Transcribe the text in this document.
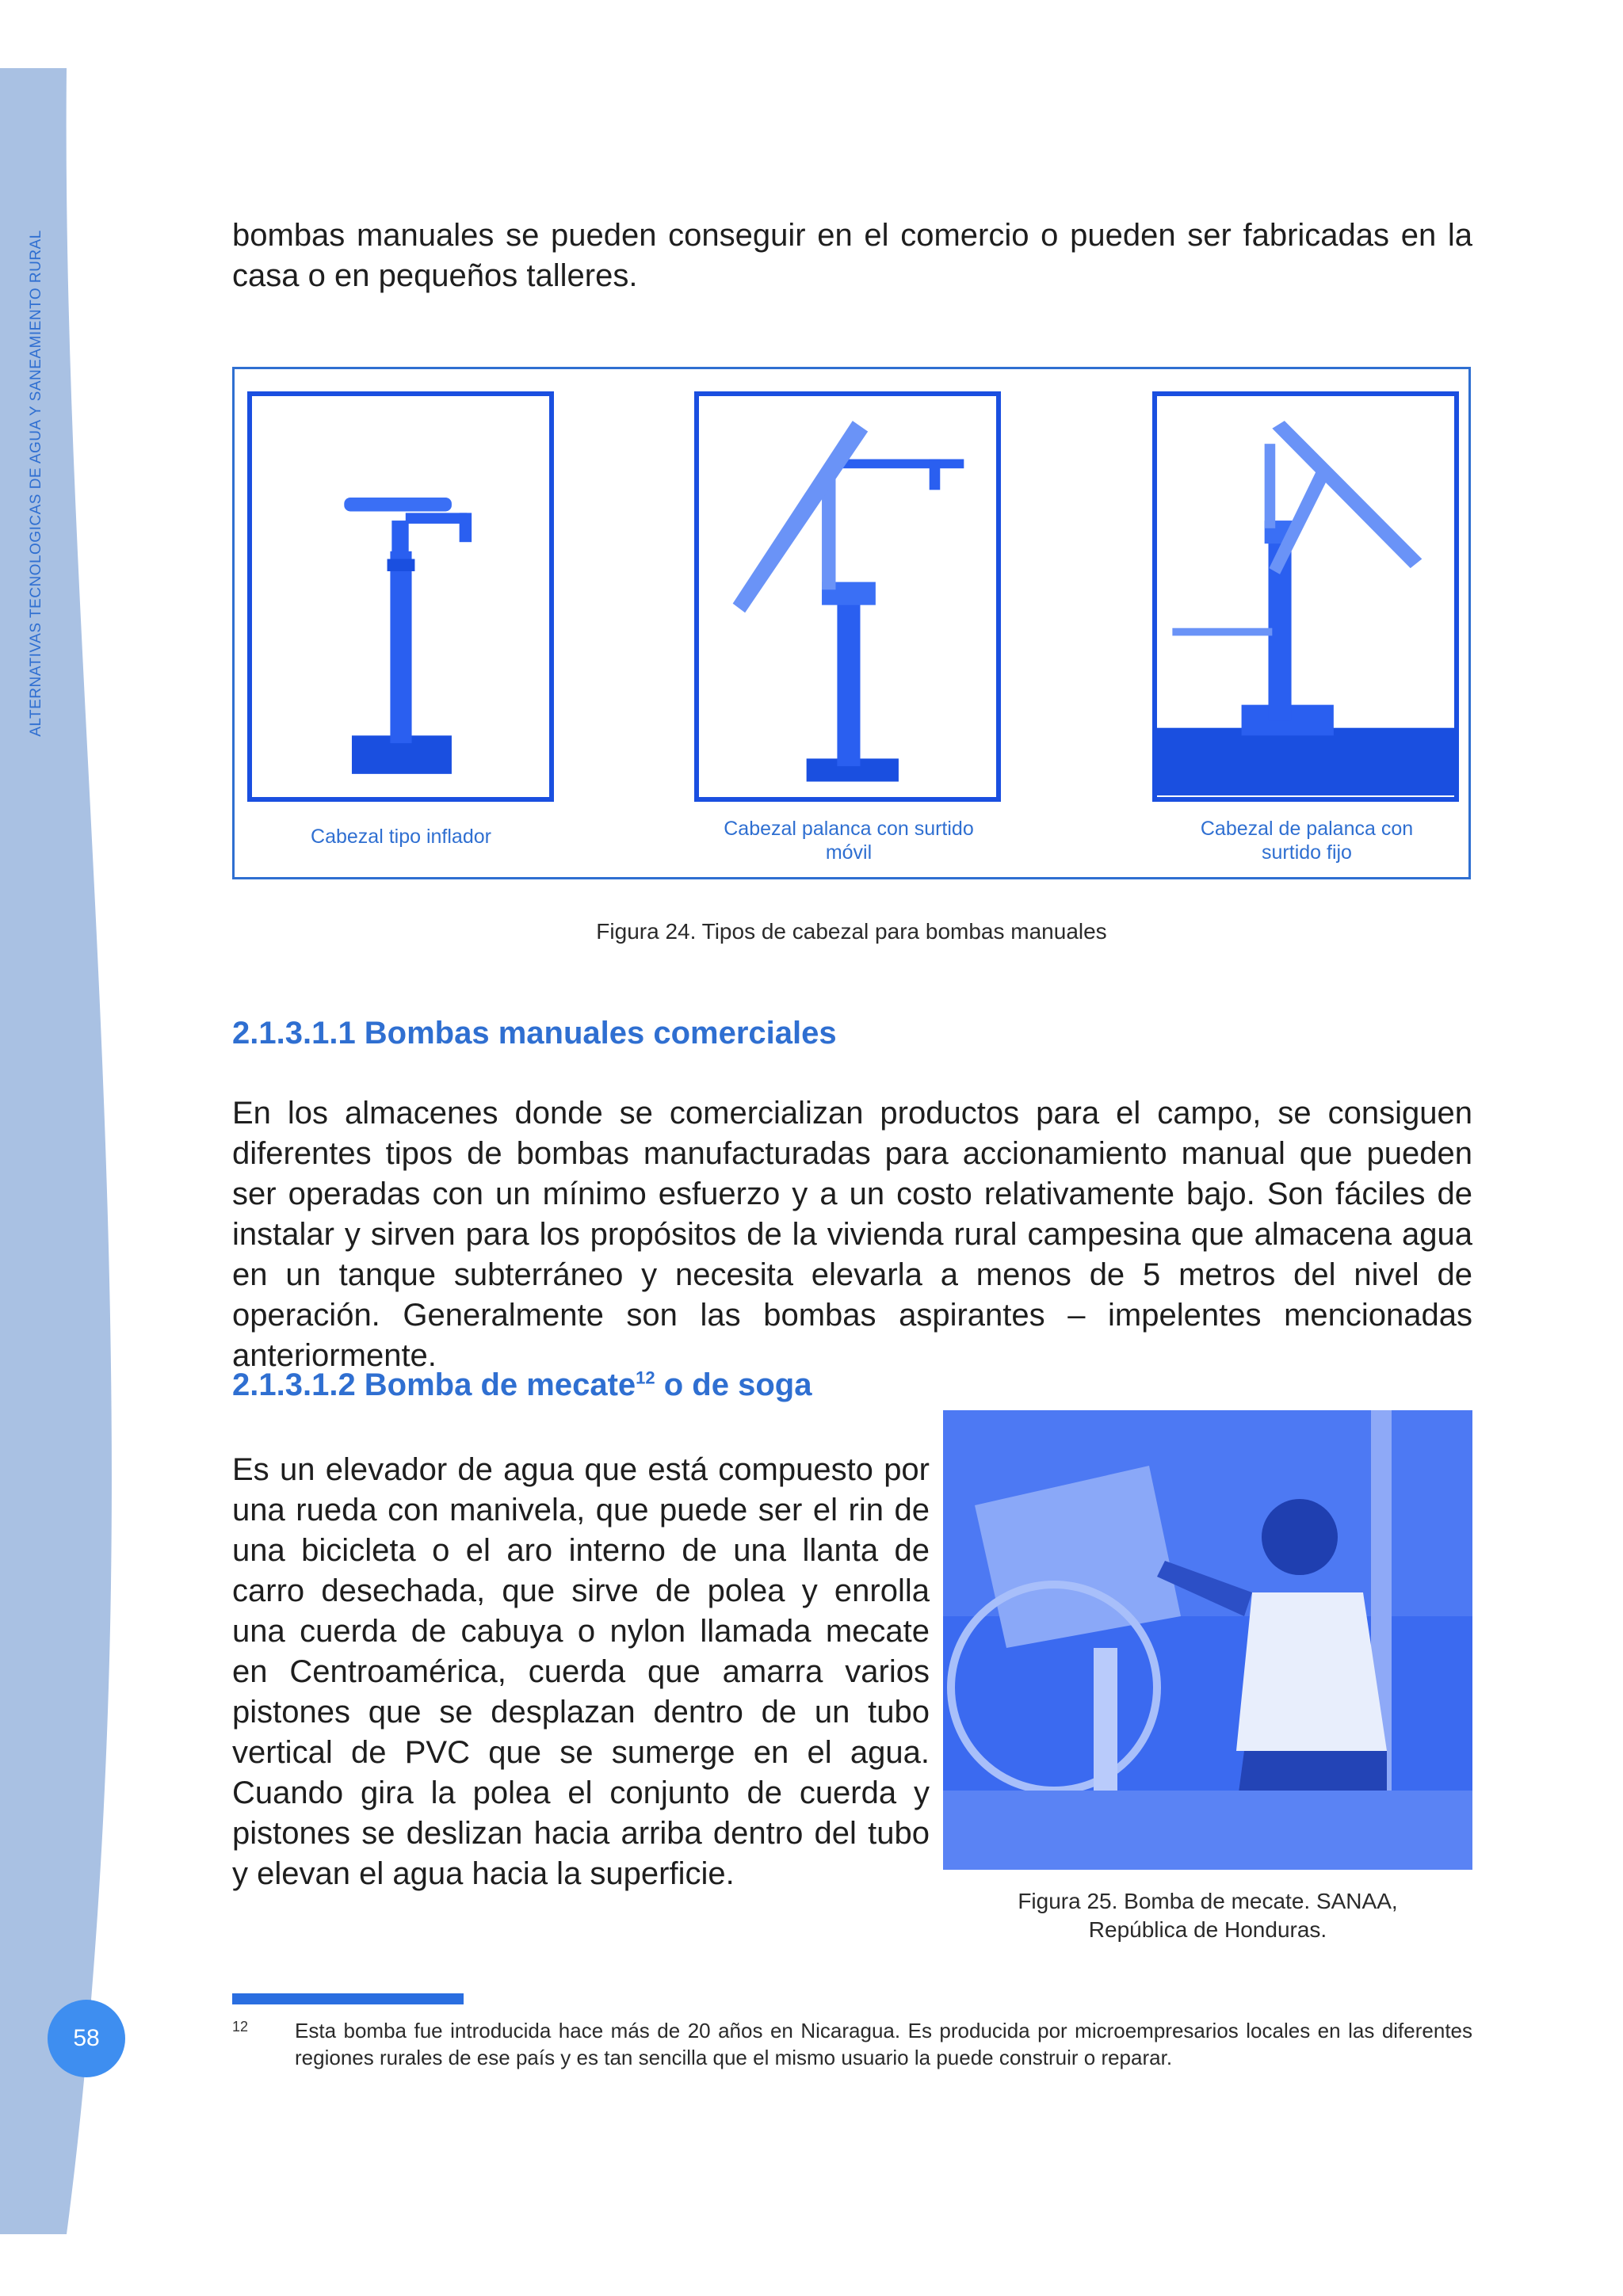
ALTERNATIVAS TECNOLOGICAS DE AGUA Y SANEAMIENTO RURAL
58

bombas manuales se pueden conseguir en el comercio o pueden ser fabricadas en la casa o en pequeños talleres.

Cabezal tipo inflador	Cabezal palanca con surtido móvil
Cabezal de palanca con surtido fijo
Figura 24. Tipos de cabezal para bombas manuales
2.1.3.1.1 Bombas manuales comerciales

En los almacenes donde se comercializan productos para el campo, se consiguen diferentes tipos de bombas manufacturadas para accionamiento manual que pueden ser operadas con un mínimo esfuerzo y a un costo relativamente bajo. Son fáciles de instalar y sirven para los propósitos de la vivienda rural campesina que almacena agua en un tanque subterráneo y necesita elevarla a menos de 5 metros del nivel de operación. Generalmente son las bombas aspirantes – impelentes mencionadas anteriormente.

2.1.3.1.2 Bomba de mecate$^{12}$ o de soga

Es un elevador de agua que está compuesto por una rueda con manivela, que puede ser el rin de una bicicleta o el aro interno de una llanta de carro desechada, que sirve de polea y enrolla una cuerda de cabuya o nylon llamada mecate en Centroamérica, cuerda que amarra varios pistones que se desplazan dentro de un tubo vertical de PVC que se sumerge en el agua. Cuando gira la polea el conjunto de cuerda y pistones se deslizan hacia arriba dentro del tubo y elevan el agua hacia la superficie.

Figura 25. Bomba de mecate. SANAA,
República de Honduras.
12 Esta bomba fue introducida hace más de 20 años en Nicaragua. Es producida por microempresarios locales en las diferentes regiones rurales de ese país y es tan sencilla que el mismo usuario la puede construir o reparar.
